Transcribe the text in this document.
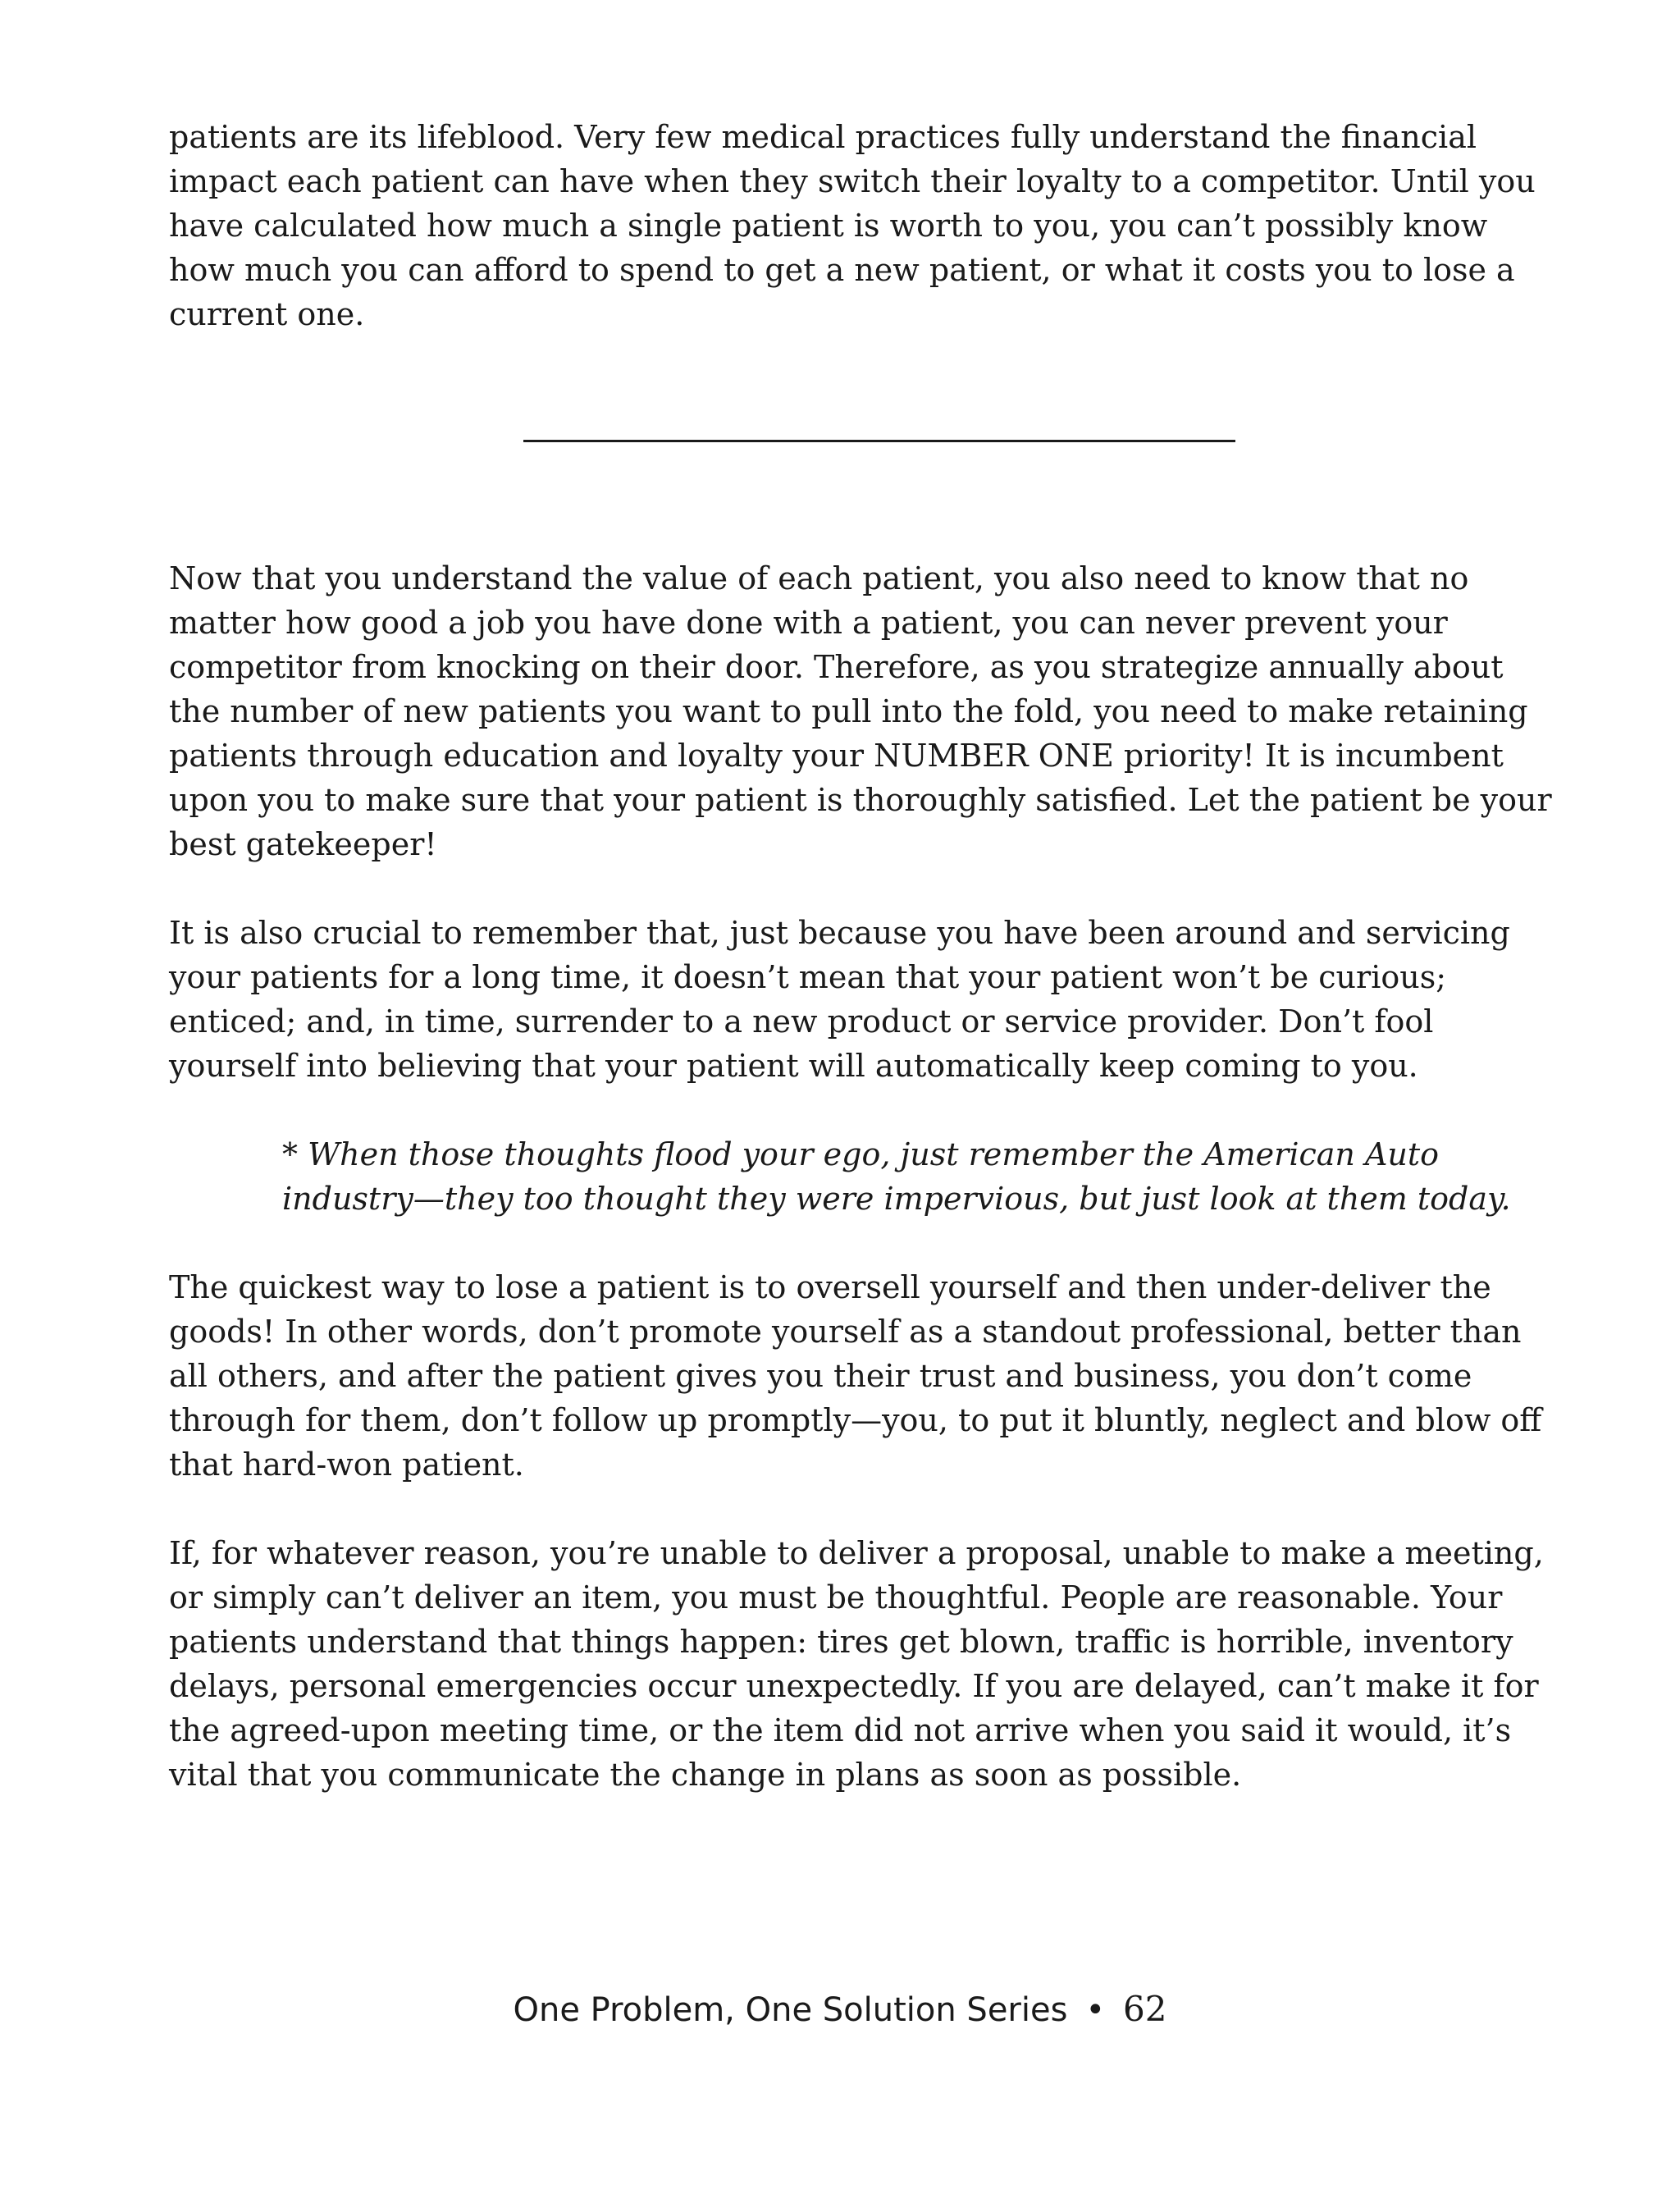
patients are its lifeblood. Very few medical practices fully understand the financial
impact each patient can have when they switch their loyalty to a competitor. Until you
have calculated how much a single patient is worth to you, you can’t possibly know
how much you can afford to spend to get a new patient, or what it costs you to lose a
current one.
Now that you understand the value of each patient, you also need to know that no
matter how good a job you have done with a patient, you can never prevent your
competitor from knocking on their door. Therefore, as you strategize annually about
the number of new patients you want to pull into the fold, you need to make retaining
patients through education and loyalty your NUMBER ONE priority! It is incumbent
upon you to make sure that your patient is thoroughly satisfied. Let the patient be your
best gatekeeper!
It is also crucial to remember that, just because you have been around and servicing
your patients for a long time, it doesn’t mean that your patient won’t be curious;
enticed; and, in time, surrender to a new product or service provider. Don’t fool
yourself into believing that your patient will automatically keep coming to you.
* When those thoughts flood your ego, just remember the American Auto
industry—they too thought they were impervious, but just look at them today.
The quickest way to lose a patient is to oversell yourself and then under-deliver the
goods! In other words, don’t promote yourself as a standout professional, better than
all others, and after the patient gives you their trust and business, you don’t come
through for them, don’t follow up promptly—you, to put it bluntly, neglect and blow off
that hard-won patient.
If, for whatever reason, you’re unable to deliver a proposal, unable to make a meeting,
or simply can’t deliver an item, you must be thoughtful. People are reasonable. Your
patients understand that things happen: tires get blown, traffic is horrible, inventory
delays, personal emergencies occur unexpectedly. If you are delayed, can’t make it for
the agreed-upon meeting time, or the item did not arrive when you said it would, it’s
vital that you communicate the change in plans as soon as possible.
One Problem, One Solution Series • 62
